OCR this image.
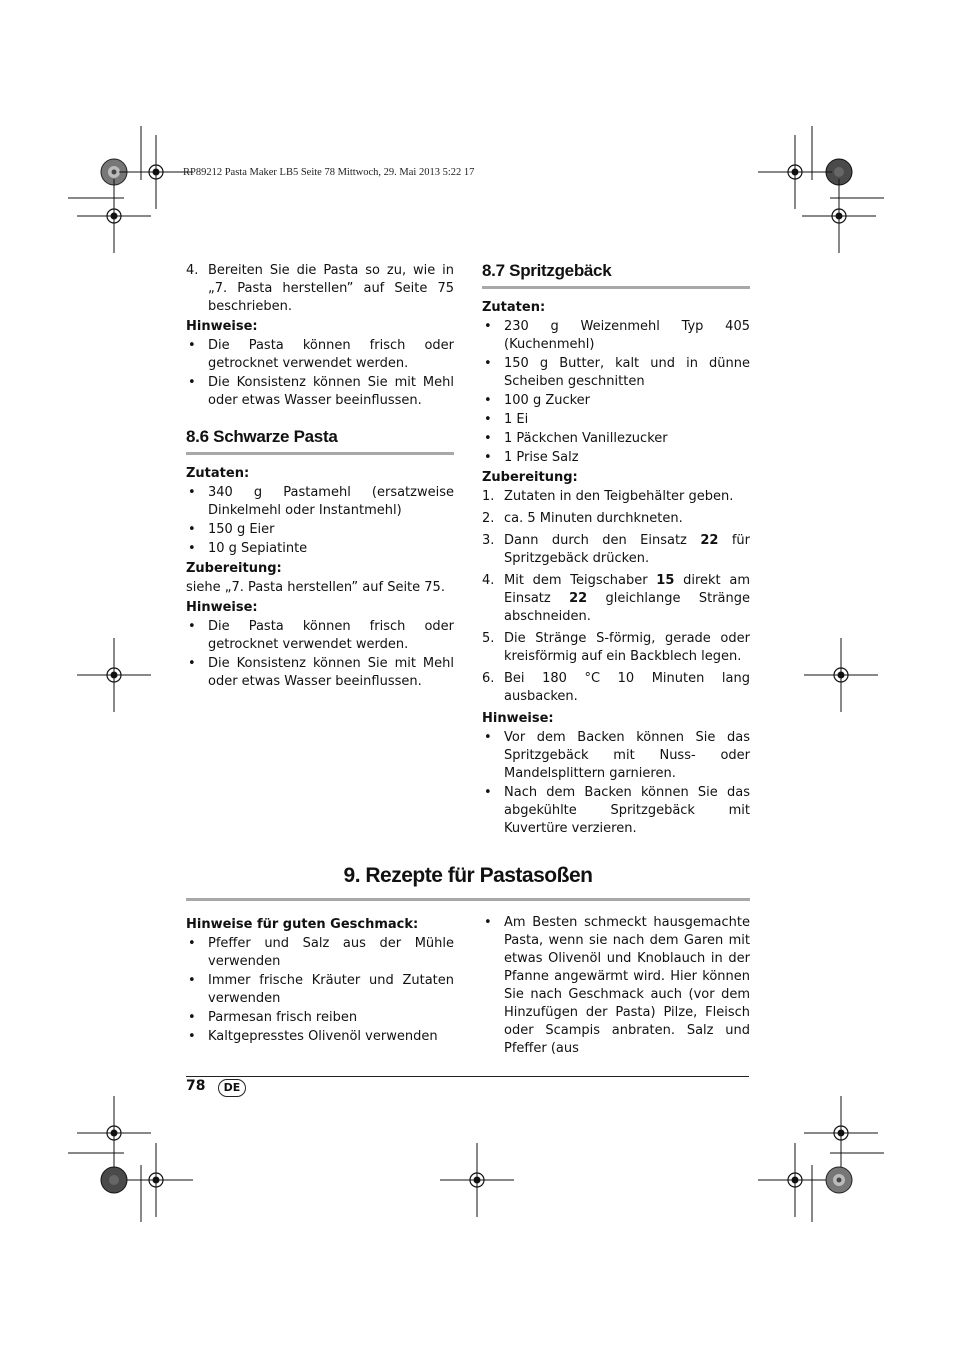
RP89212 Pasta Maker LB5 Seite 78 Mittwoch, 29. Mai 2013 5:22 17
4. Bereiten Sie die Pasta so zu, wie in „7. Pasta herstellen” auf Seite 75 beschrieben.
Hinweise:
• Die Pasta können frisch oder getrocknet verwendet werden.
• Die Konsistenz können Sie mit Mehl oder etwas Wasser beeinflussen.
8.6 Schwarze Pasta
Zutaten:
• 340 g Pastamehl (ersatzweise Dinkelmehl oder Instantmehl)
• 150 g Eier
• 10 g Sepiatinte
Zubereitung:

siehe „7. Pasta herstellen” auf Seite 75.

Hinweise:
• Die Pasta können frisch oder getrocknet verwendet werden.
• Die Konsistenz können Sie mit Mehl oder etwas Wasser beeinflussen.
8.7 Spritzgebäck
Zutaten:
• 230 g Weizenmehl Typ 405 (Kuchenmehl)
• 150 g Butter, kalt und in dünne Scheiben geschnitten
• 100 g Zucker
• 1 Ei
• 1 Päckchen Vanillezucker
• 1 Prise Salz
Zubereitung:
1. Zutaten in den Teigbehälter geben.
2. ca. 5 Minuten durchkneten.
3. Dann durch den Einsatz 22 für Spritzgebäck drücken.
4. Mit dem Teigschaber 15 direkt am Einsatz 22 gleichlange Stränge abschneiden.
5. Die Stränge S-förmig, gerade oder kreisförmig auf ein Backblech legen.
6. Bei 180 °C 10 Minuten lang ausbacken.
Hinweise:
• Vor dem Backen können Sie das Spritzgebäck mit Nuss- oder Mandelsplittern garnieren.
• Nach dem Backen können Sie das abgekühlte Spritzgebäck mit Kuvertüre verzieren.
9. Rezepte für Pastasoßen
Hinweise für guten Geschmack:
• Pfeffer und Salz aus der Mühle verwenden
• Immer frische Kräuter und Zutaten verwenden
• Parmesan frisch reiben
• Kaltgepresstes Olivenöl verwenden
• Am Besten schmeckt hausgemachte Pasta, wenn sie nach dem Garen mit etwas Olivenöl und Knoblauch in der Pfanne angewärmt wird. Hier können Sie nach Geschmack auch (vor dem Hinzufügen der Pasta) Pilze, Fleisch oder Scampis anbraten. Salz und Pfeffer (aus
78	DE
